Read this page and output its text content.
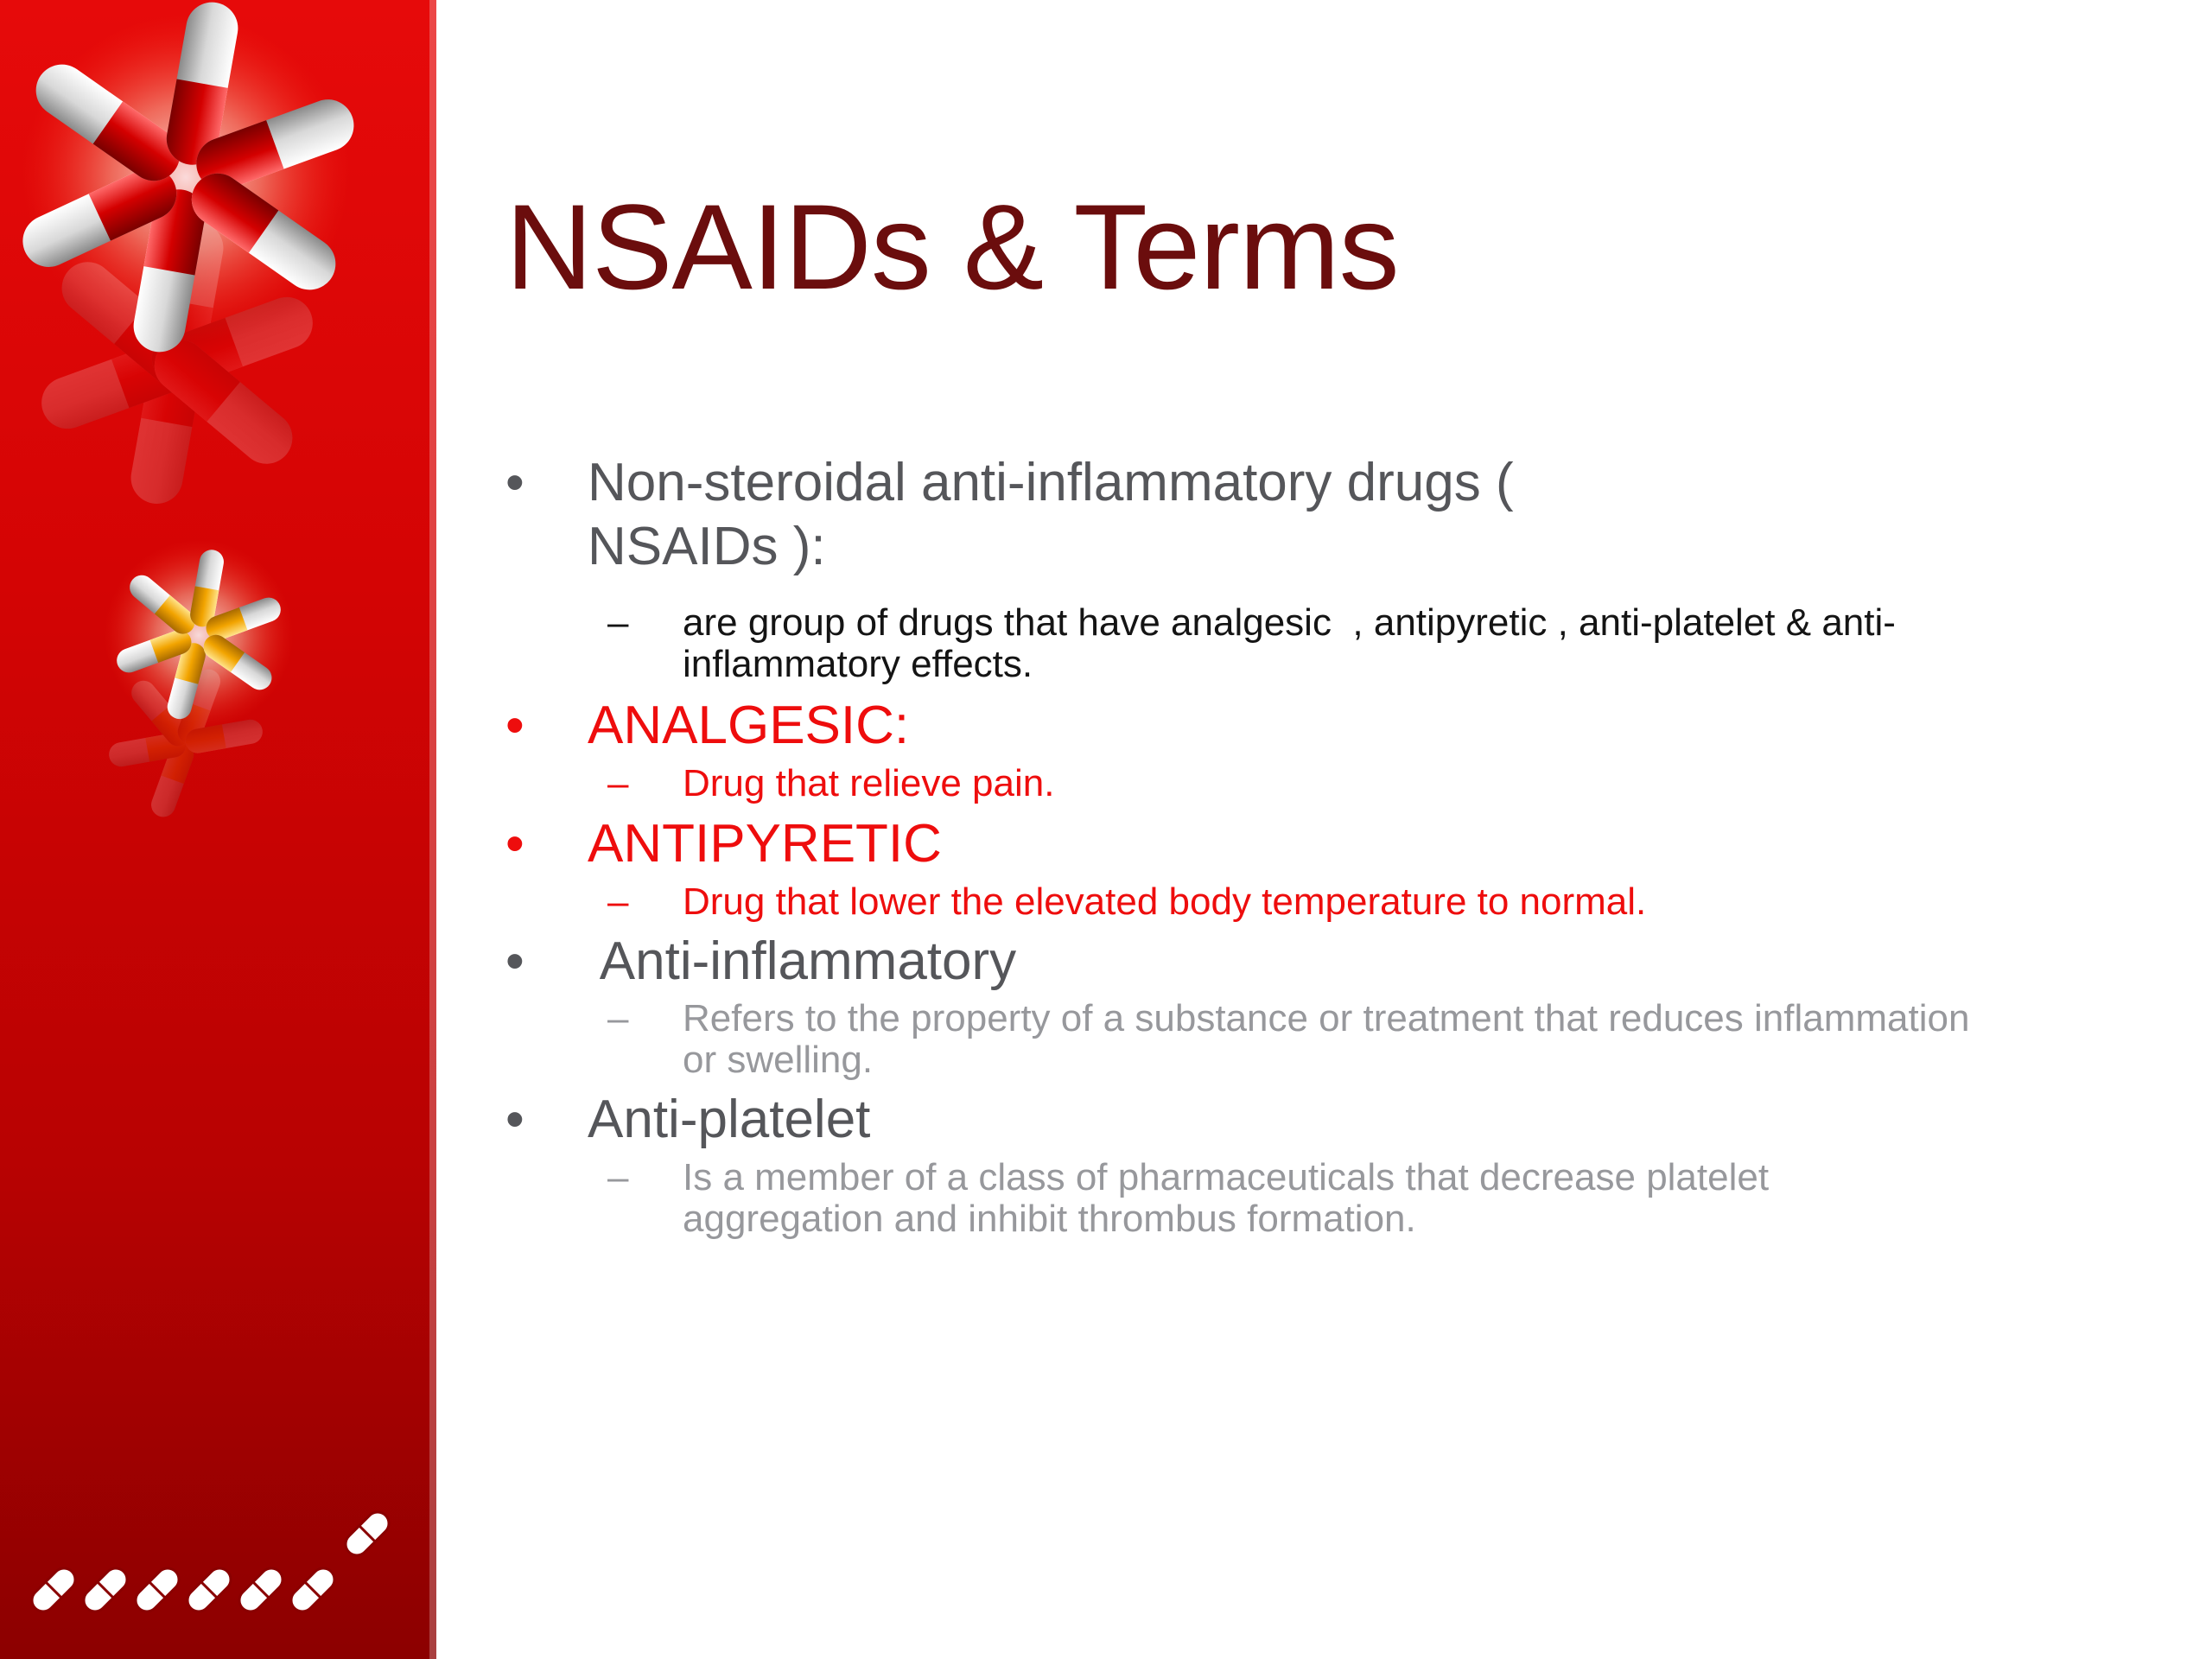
NSAIDs & Terms
• Non-steroidal anti-inflammatory drugs (
NSAIDs ):
–	are group of drugs that have analgesic  , antipyretic , anti-platelet & anti-
inflammatory effects.
• ANALGESIC:
–	Drug that relieve pain.
• ANTIPYRETIC
–	Drug that lower the elevated body temperature to normal.
• Anti-inflammatory
–	Refers to the property of a substance or treatment that reduces inflammation
or swelling.
• Anti-platelet
–	Is a member of a class of pharmaceuticals that decrease platelet
aggregation and inhibit thrombus formation.
